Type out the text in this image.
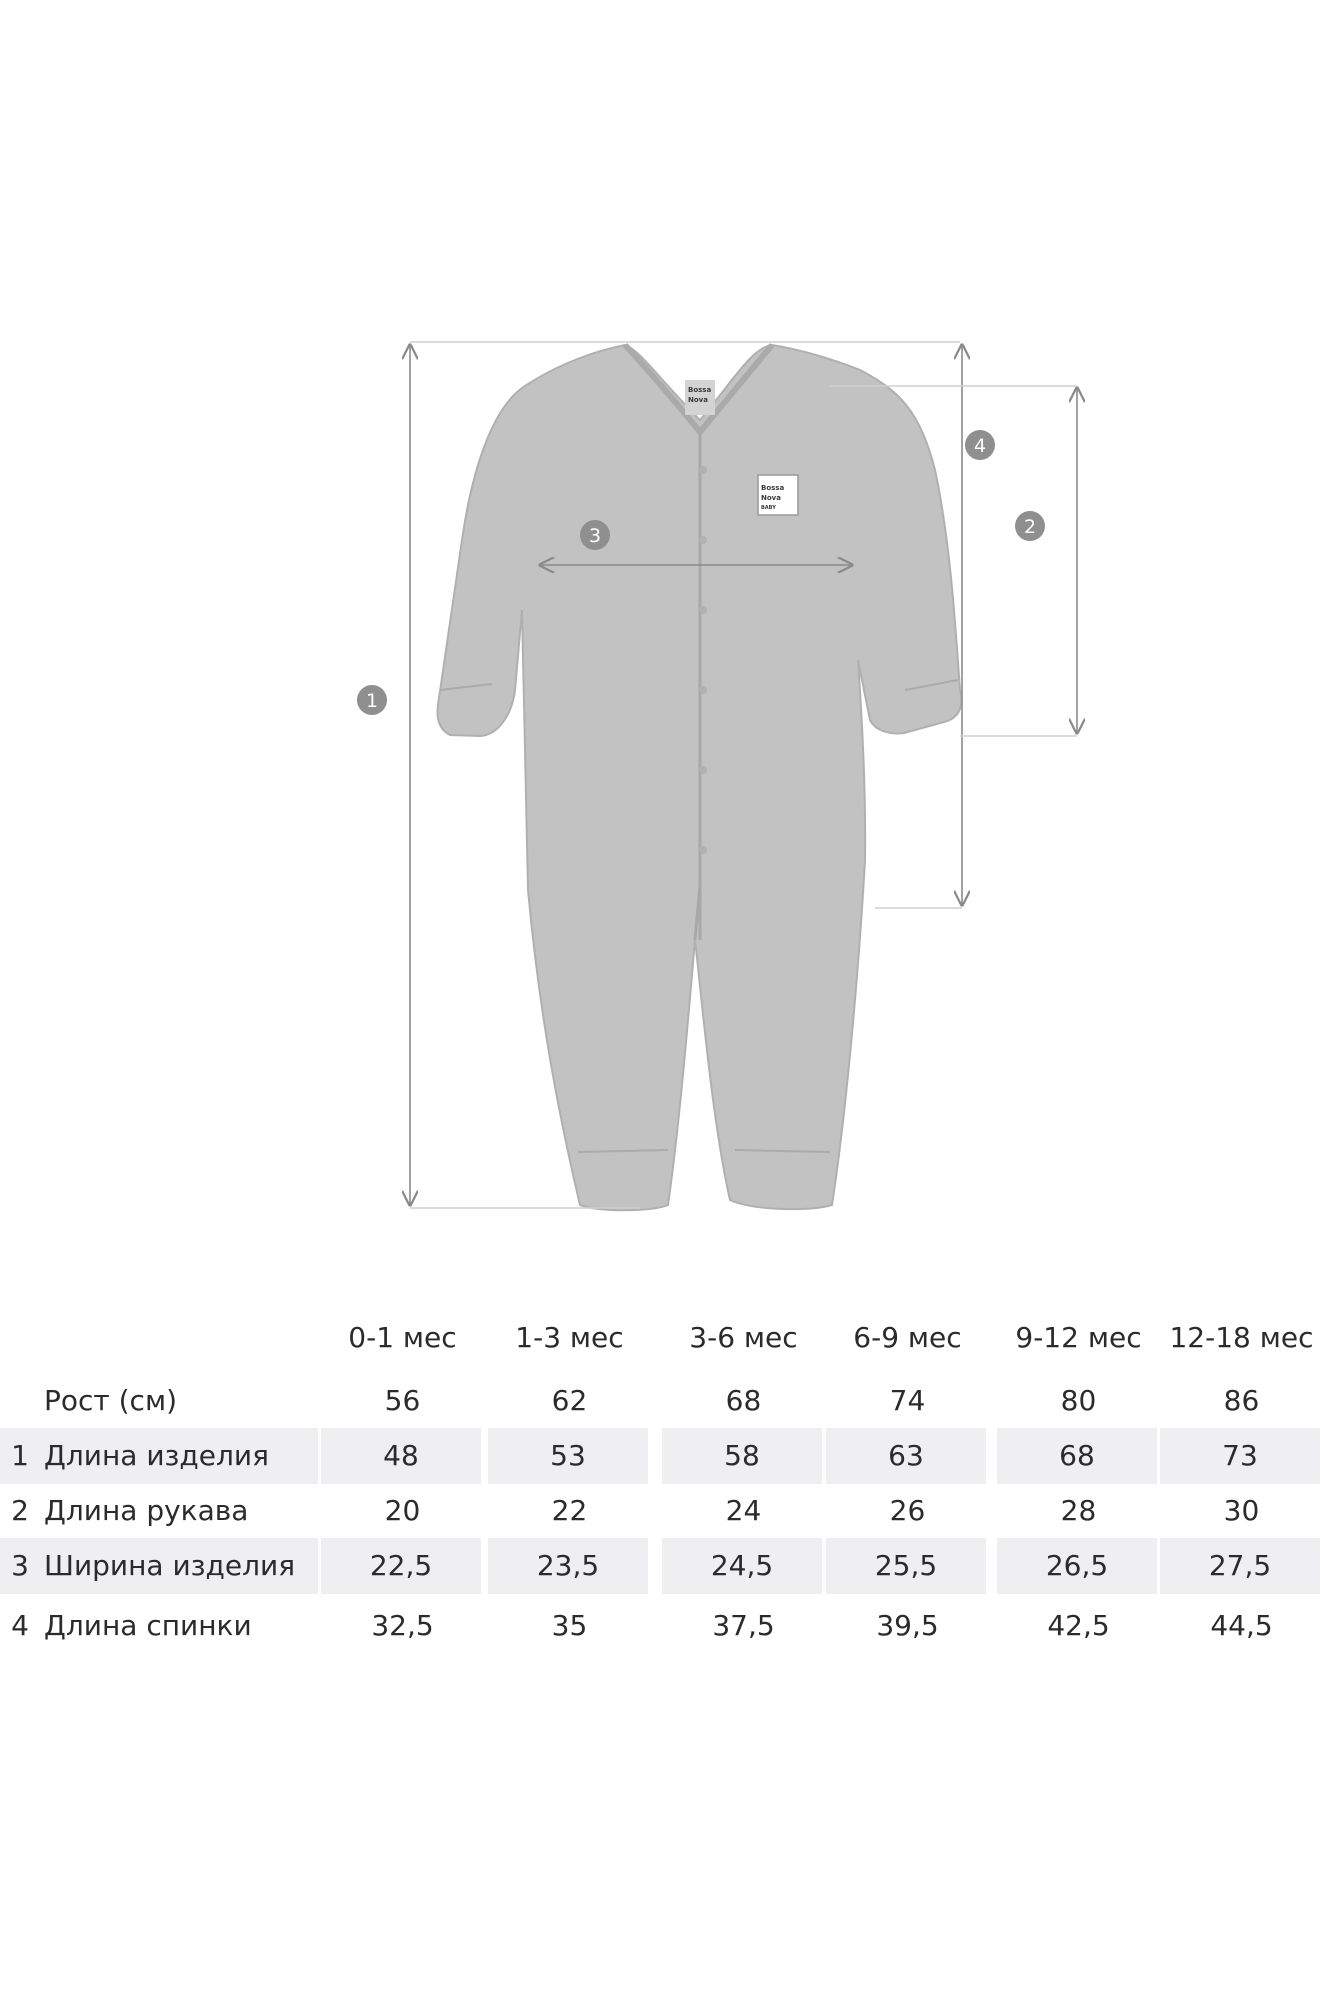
Bossa
Nova
BABY
Bossa
Nova
1
2
3
4
0-1 мес	1-3 мес	3-6 мес	6-9 мес	9-12 мес 12-18 мес
Рост (см)	56	62	68	74	80	86
1 Длина изделия	48	53	58	63	68	73
2 Длина рукава	20	22	24	26	28	30
3 Ширина изделия	22,5	23,5	24,5	25,5	26,5	27,5
4 Длина спинки	32,5	35	37,5	39,5	42,5	44,5
